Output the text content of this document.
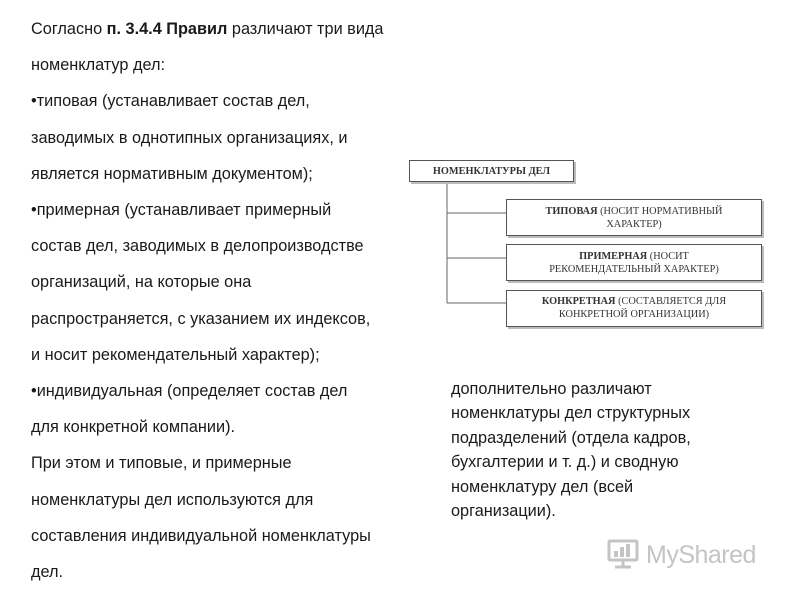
Согласно п. 3.4.4 Правил различают три вида
номенклатур дел:
•типовая (устанавливает состав дел,
заводимых в однотипных организациях, и
является нормативным документом);
•примерная (устанавливает примерный
состав дел, заводимых в делопроизводстве
организаций, на которые она
распространяется, с указанием их индексов,
и носит рекомендательный характер);
•индивидуальная (определяет состав дел
для конкретной компании).
При этом и типовые, и примерные
номенклатуры дел используются для
составления индивидуальной номенклатуры
дел.
НОМЕНКЛАТУРЫ ДЕЛ
ТИПОВАЯ (НОСИТ НОРМАТИВНЫЙ
ХАРАКТЕР)
ПРИМЕРНАЯ (НОСИТ
РЕКОМЕНДАТЕЛЬНЫЙ ХАРАКТЕР)
КОНКРЕТНАЯ (СОСТАВЛЯЕТСЯ ДЛЯ
КОНКРЕТНОЙ ОРГАНИЗАЦИИ)
дополнительно различают
номенклатуры дел структурных
подразделений (отдела кадров,
бухгалтерии и т. д.) и сводную
номенклатуру дел (всей
организации).
MyShared
